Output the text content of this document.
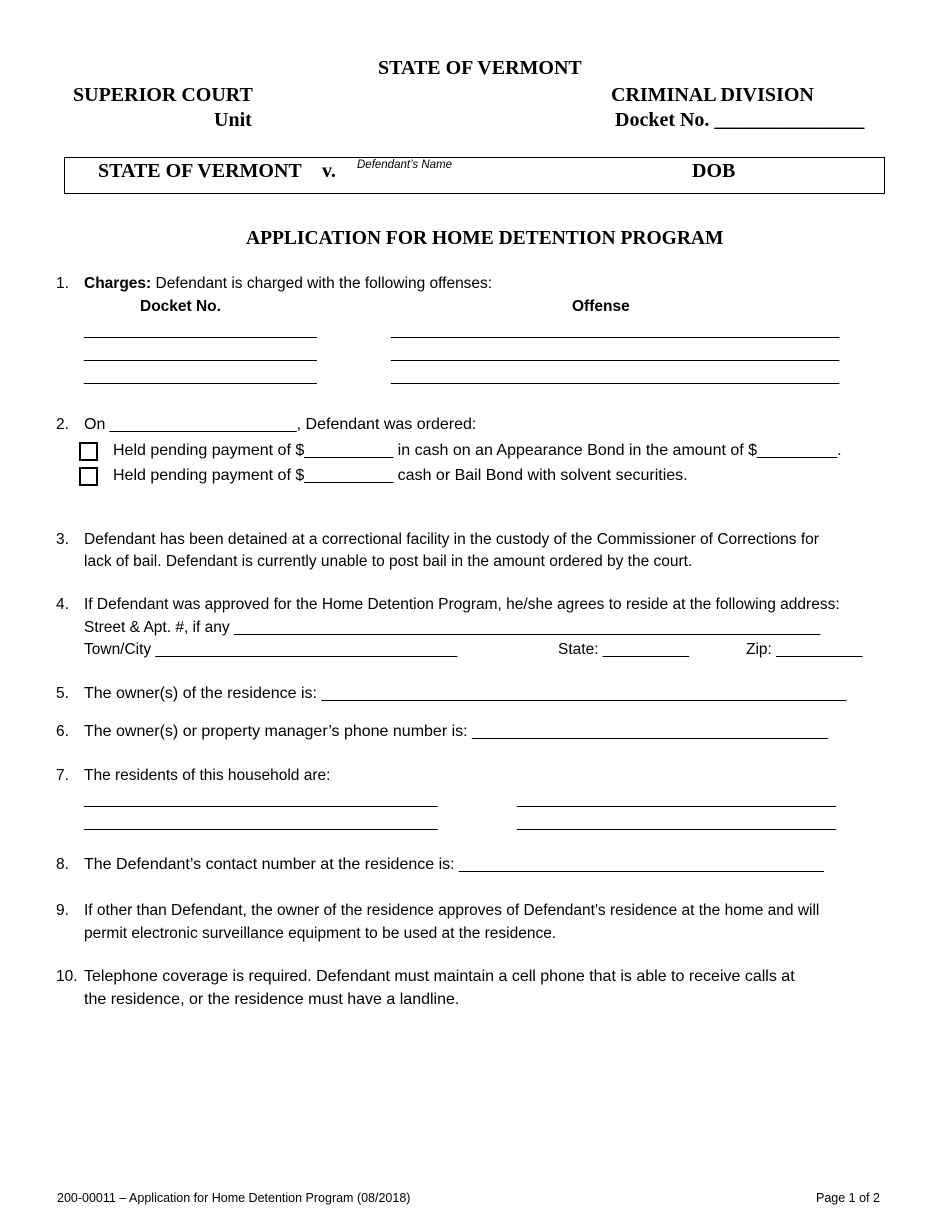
STATE OF VERMONT
SUPERIOR COURT
Unit
CRIMINAL DIVISION
Docket No. _______________
STATE OF VERMONT v. Defendant’s Name	DOB
APPLICATION FOR HOME DETENTION PROGRAM
1. Charges: Defendant is charged with the following offenses:
Docket No.	Offense
___________________________	____________________________________________________
___________________________	____________________________________________________
___________________________	____________________________________________________
2. On _____________________, Defendant was ordered:
Held pending payment of $__________ in cash on an Appearance Bond in the amount of $_________.
Held pending payment of $__________ cash or Bail Bond with solvent securities.
3. Defendant has been detained at a correctional facility in the custody of the Commissioner of Corrections for
lack of bail. Defendant is currently unable to post bail in the amount ordered by the court.
4. If Defendant was approved for the Home Detention Program, he/she agrees to reside at the following address:
Street & Apt. #, if any ____________________________________________________________________
Town/City ___________________________________	State: __________	Zip: __________
5. The owner(s) of the residence is: ___________________________________________________________
6. The owner(s) or property manager’s phone number is: ________________________________________
7. The residents of this household are:
_________________________________________	_____________________________________
_________________________________________	_____________________________________
8. The Defendant’s contact number at the residence is: _________________________________________
9. If other than Defendant, the owner of the residence approves of Defendant's residence at the home and will
permit electronic surveillance equipment to be used at the residence.
10. Telephone coverage is required. Defendant must maintain a cell phone that is able to receive calls at
the residence, or the residence must have a landline.
200-00011 – Application for Home Detention Program (08/2018)	Page 1 of 2
